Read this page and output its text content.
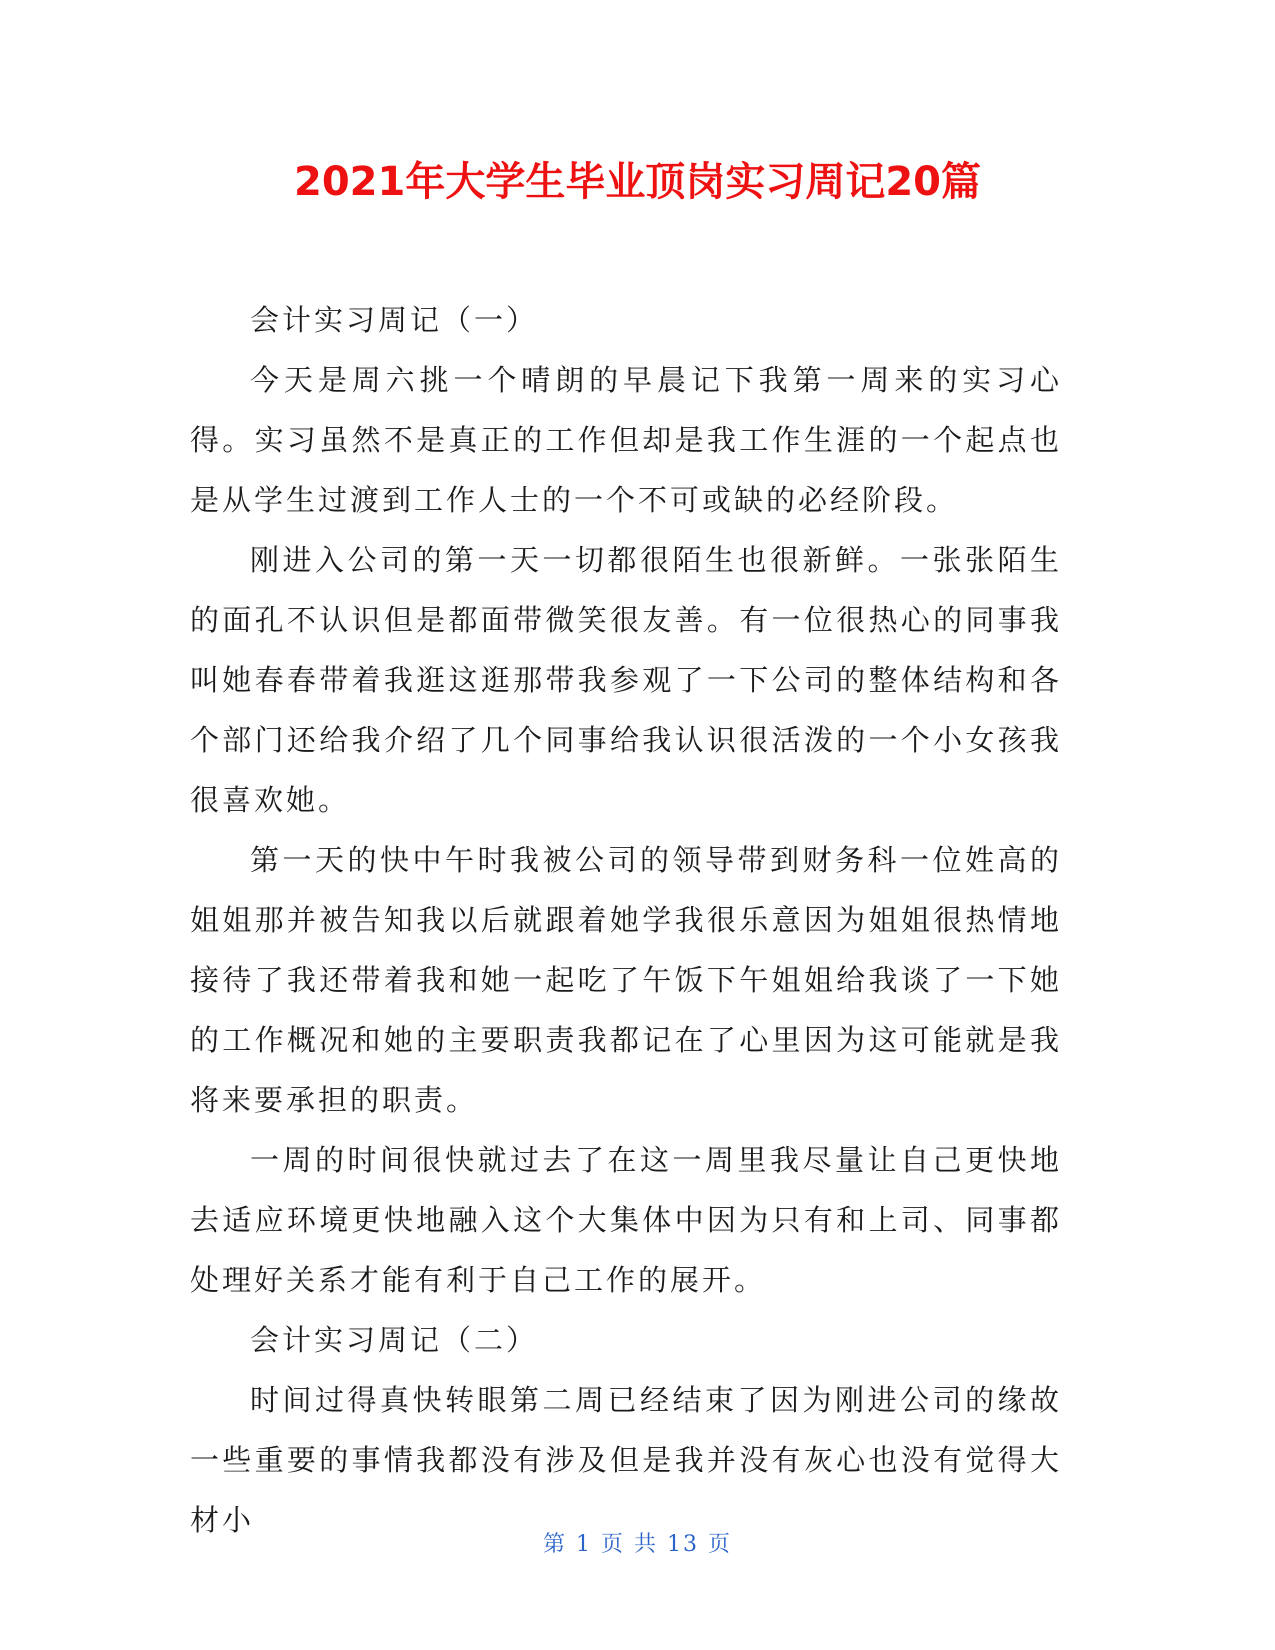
2021年大学生毕业顶岗实习周记20篇

会计实习周记（一）

今天是周六挑一个晴朗的早晨记下我第一周来的实习心得。实习虽然不是真正的工作但却是我工作生涯的一个起点也是从学生过渡到工作人士的一个不可或缺的必经阶段。

刚进入公司的第一天一切都很陌生也很新鲜。一张张陌生的面孔不认识但是都面带微笑很友善。有一位很热心的同事我叫她春春带着我逛这逛那带我参观了一下公司的整体结构和各个部门还给我介绍了几个同事给我认识很活泼的一个小女孩我很喜欢她。

第一天的快中午时我被公司的领导带到财务科一位姓高的姐姐那并被告知我以后就跟着她学我很乐意因为姐姐很热情地接待了我还带着我和她一起吃了午饭下午姐姐给我谈了一下她的工作概况和她的主要职责我都记在了心里因为这可能就是我将来要承担的职责。

一周的时间很快就过去了在这一周里我尽量让自己更快地去适应环境更快地融入这个大集体中因为只有和上司、同事都处理好关系才能有利于自己工作的展开。

会计实习周记（二）

时间过得真快转眼第二周已经结束了因为刚进公司的缘故一些重要的事情我都没有涉及但是我并没有灰心也没有觉得大材小

第 1 页 共 13 页
